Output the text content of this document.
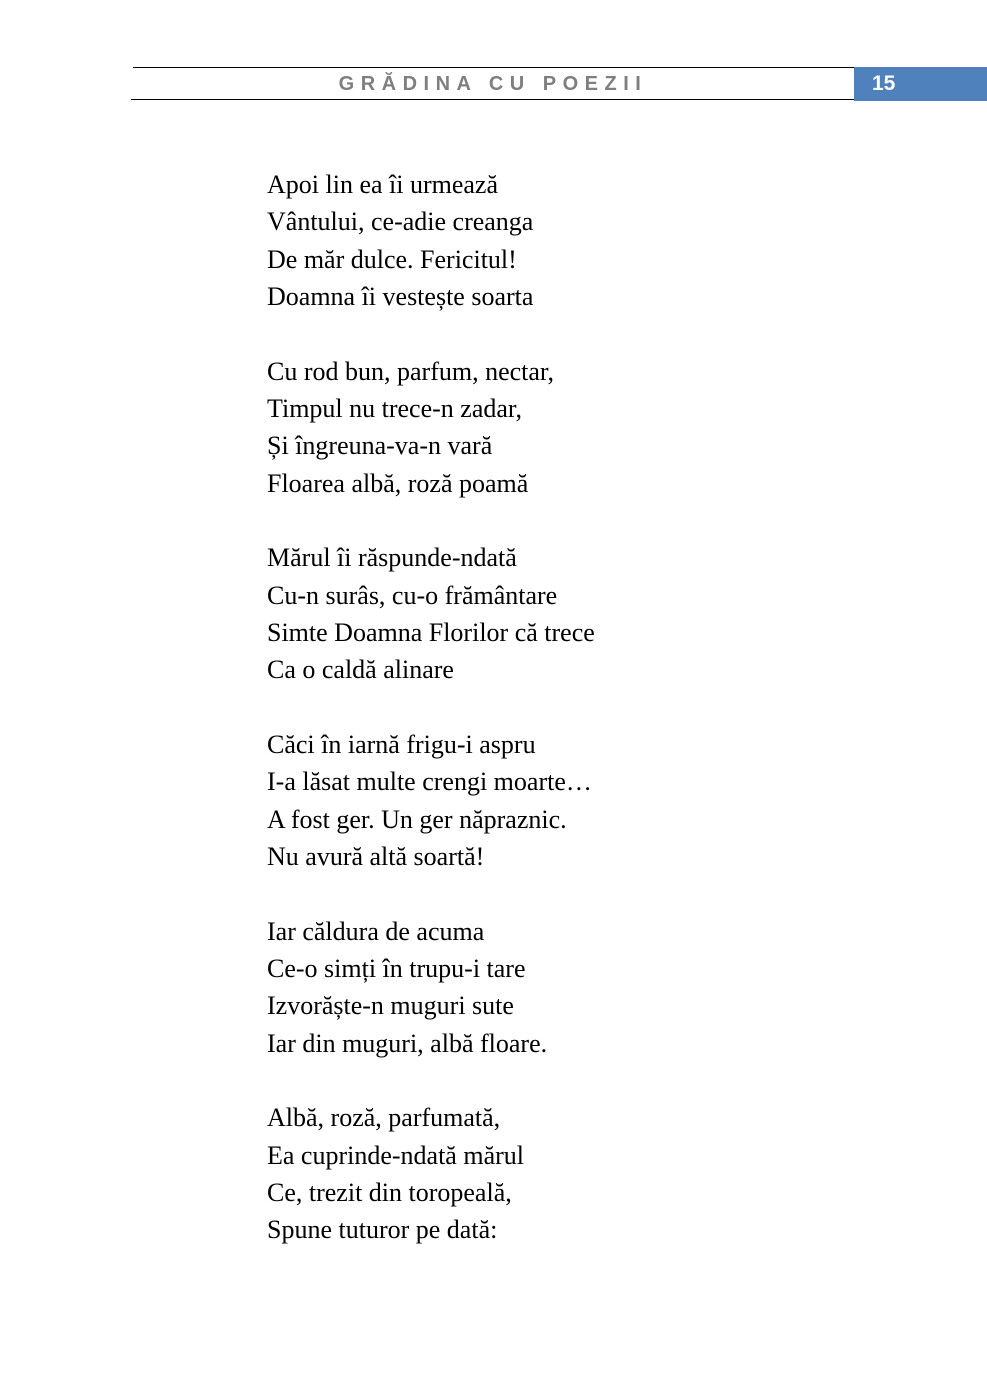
GRĂDINA CU POEZII	15
Apoi lin ea îi urmează
Vântului, ce-adie creanga
De măr dulce. Fericitul!
Doamna îi vestește soarta
Cu rod bun, parfum, nectar,
Timpul nu trece-n zadar,
Și îngreuna-va-n vară
Floarea albă, roză poamă
Mărul îi răspunde-ndată
Cu-n surâs, cu-o frământare
Simte Doamna Florilor că trece
Ca o caldă alinare
Căci în iarnă frigu-i aspru
I-a lăsat multe crengi moarte…
A fost ger. Un ger năpraznic.
Nu avură altă soartă!
Iar căldura de acuma
Ce-o simți în trupu-i tare
Izvorăște-n muguri sute
Iar din muguri, albă floare.
Albă, roză, parfumată,
Ea cuprinde-ndată mărul
Ce, trezit din toropeală,
Spune tuturor pe dată:
